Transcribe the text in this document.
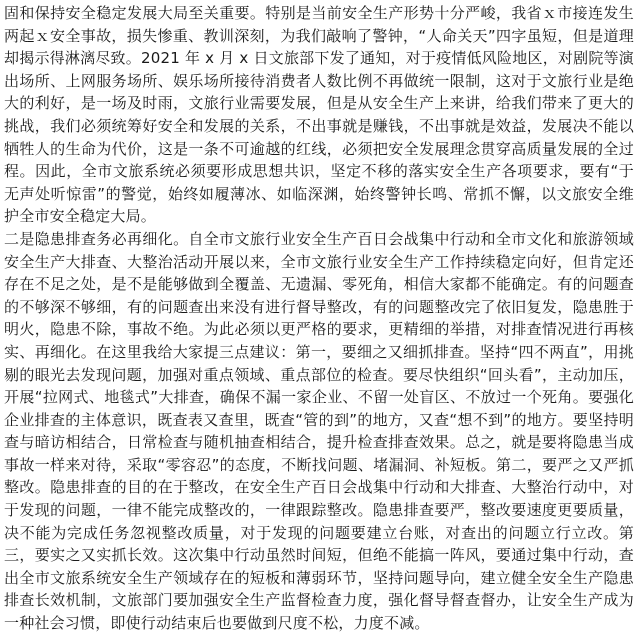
固和保持安全稳定发展大局至关重要。特别是当前安全生产形势十分严峻，我省ｘ市接连发生两起ｘ安全事故，损失惨重、教训深刻，为我们敲响了警钟，“人命关天”四字虽短，但是道理却揭示得淋漓尽致。2021 年 x 月 x 日文旅部下发了通知，对于疫情低风险地区，对剧院等演出场所、上网服务场所、娱乐场所接待消费者人数比例不再做统一限制，这对于文旅行业是绝大的利好，是一场及时雨，文旅行业需要发展，但是从安全生产上来讲，给我们带来了更大的挑战，我们必须统筹好安全和发展的关系，不出事就是赚钱，不出事就是效益，发展决不能以牺牲人的生命为代价，这是一条不可逾越的红线，必须把安全发展理念贯穿高质量发展的全过程。因此，全市文旅系统必须要形成思想共识，坚定不移的落实安全生产各项要求，要有“于无声处听惊雷”的警觉，始终如履薄冰、如临深渊，始终警钟长鸣、常抓不懈，以文旅安全维护全市安全稳定大局。

二是隐患排查务必再细化。自全市文旅行业安全生产百日会战集中行动和全市文化和旅游领域安全生产大排查、大整治活动开展以来，全市文旅行业安全生产工作持续稳定向好，但肯定还存在不足之处，是不是能够做到全覆盖、无遗漏、零死角，相信大家都不能确定。有的问题查的不够深不够细，有的问题查出来没有进行督导整改，有的问题整改完了依旧复发，隐患胜于明火，隐患不除，事故不绝。为此必须以更严格的要求，更精细的举措，对排查情况进行再核实、再细化。在这里我给大家提三点建议：第一，要细之又细抓排查。坚持“四不两直”，用挑剔的眼光去发现问题，加强对重点领域、重点部位的检查。要尽快组织“回头看”，主动加压，开展“拉网式、地毯式”大排查，确保不漏一家企业、不留一处盲区、不放过一个死角。要强化企业排查的主体意识，既查表又查里，既查“管的到”的地方，又查“想不到”的地方。要坚持明查与暗访相结合，日常检查与随机抽查相结合，提升检查排查效果。总之，就是要将隐患当成事故一样来对待，采取“零容忍”的态度，不断找问题、堵漏洞、补短板。第二，要严之又严抓整改。隐患排查的目的在于整改，在安全生产百日会战集中行动和大排查、大整治行动中，对于发现的问题，一律不能完成整改的，一律跟踪整改。隐患排查要严，整改要速度更要质量，决不能为完成任务忽视整改质量，对于发现的问题要建立台账，对查出的问题立行立改。第三，要实之又实抓长效。这次集中行动虽然时间短，但绝不能搞一阵风，要通过集中行动，查出全市文旅系统安全生产领域存在的短板和薄弱环节，坚持问题导向，建立健全安全生产隐患排查长效机制，文旅部门要加强安全生产监督检查力度，强化督导督查督办，让安全生产成为一种社会习惯，即使行动结束后也要做到尺度不松，力度不减。
